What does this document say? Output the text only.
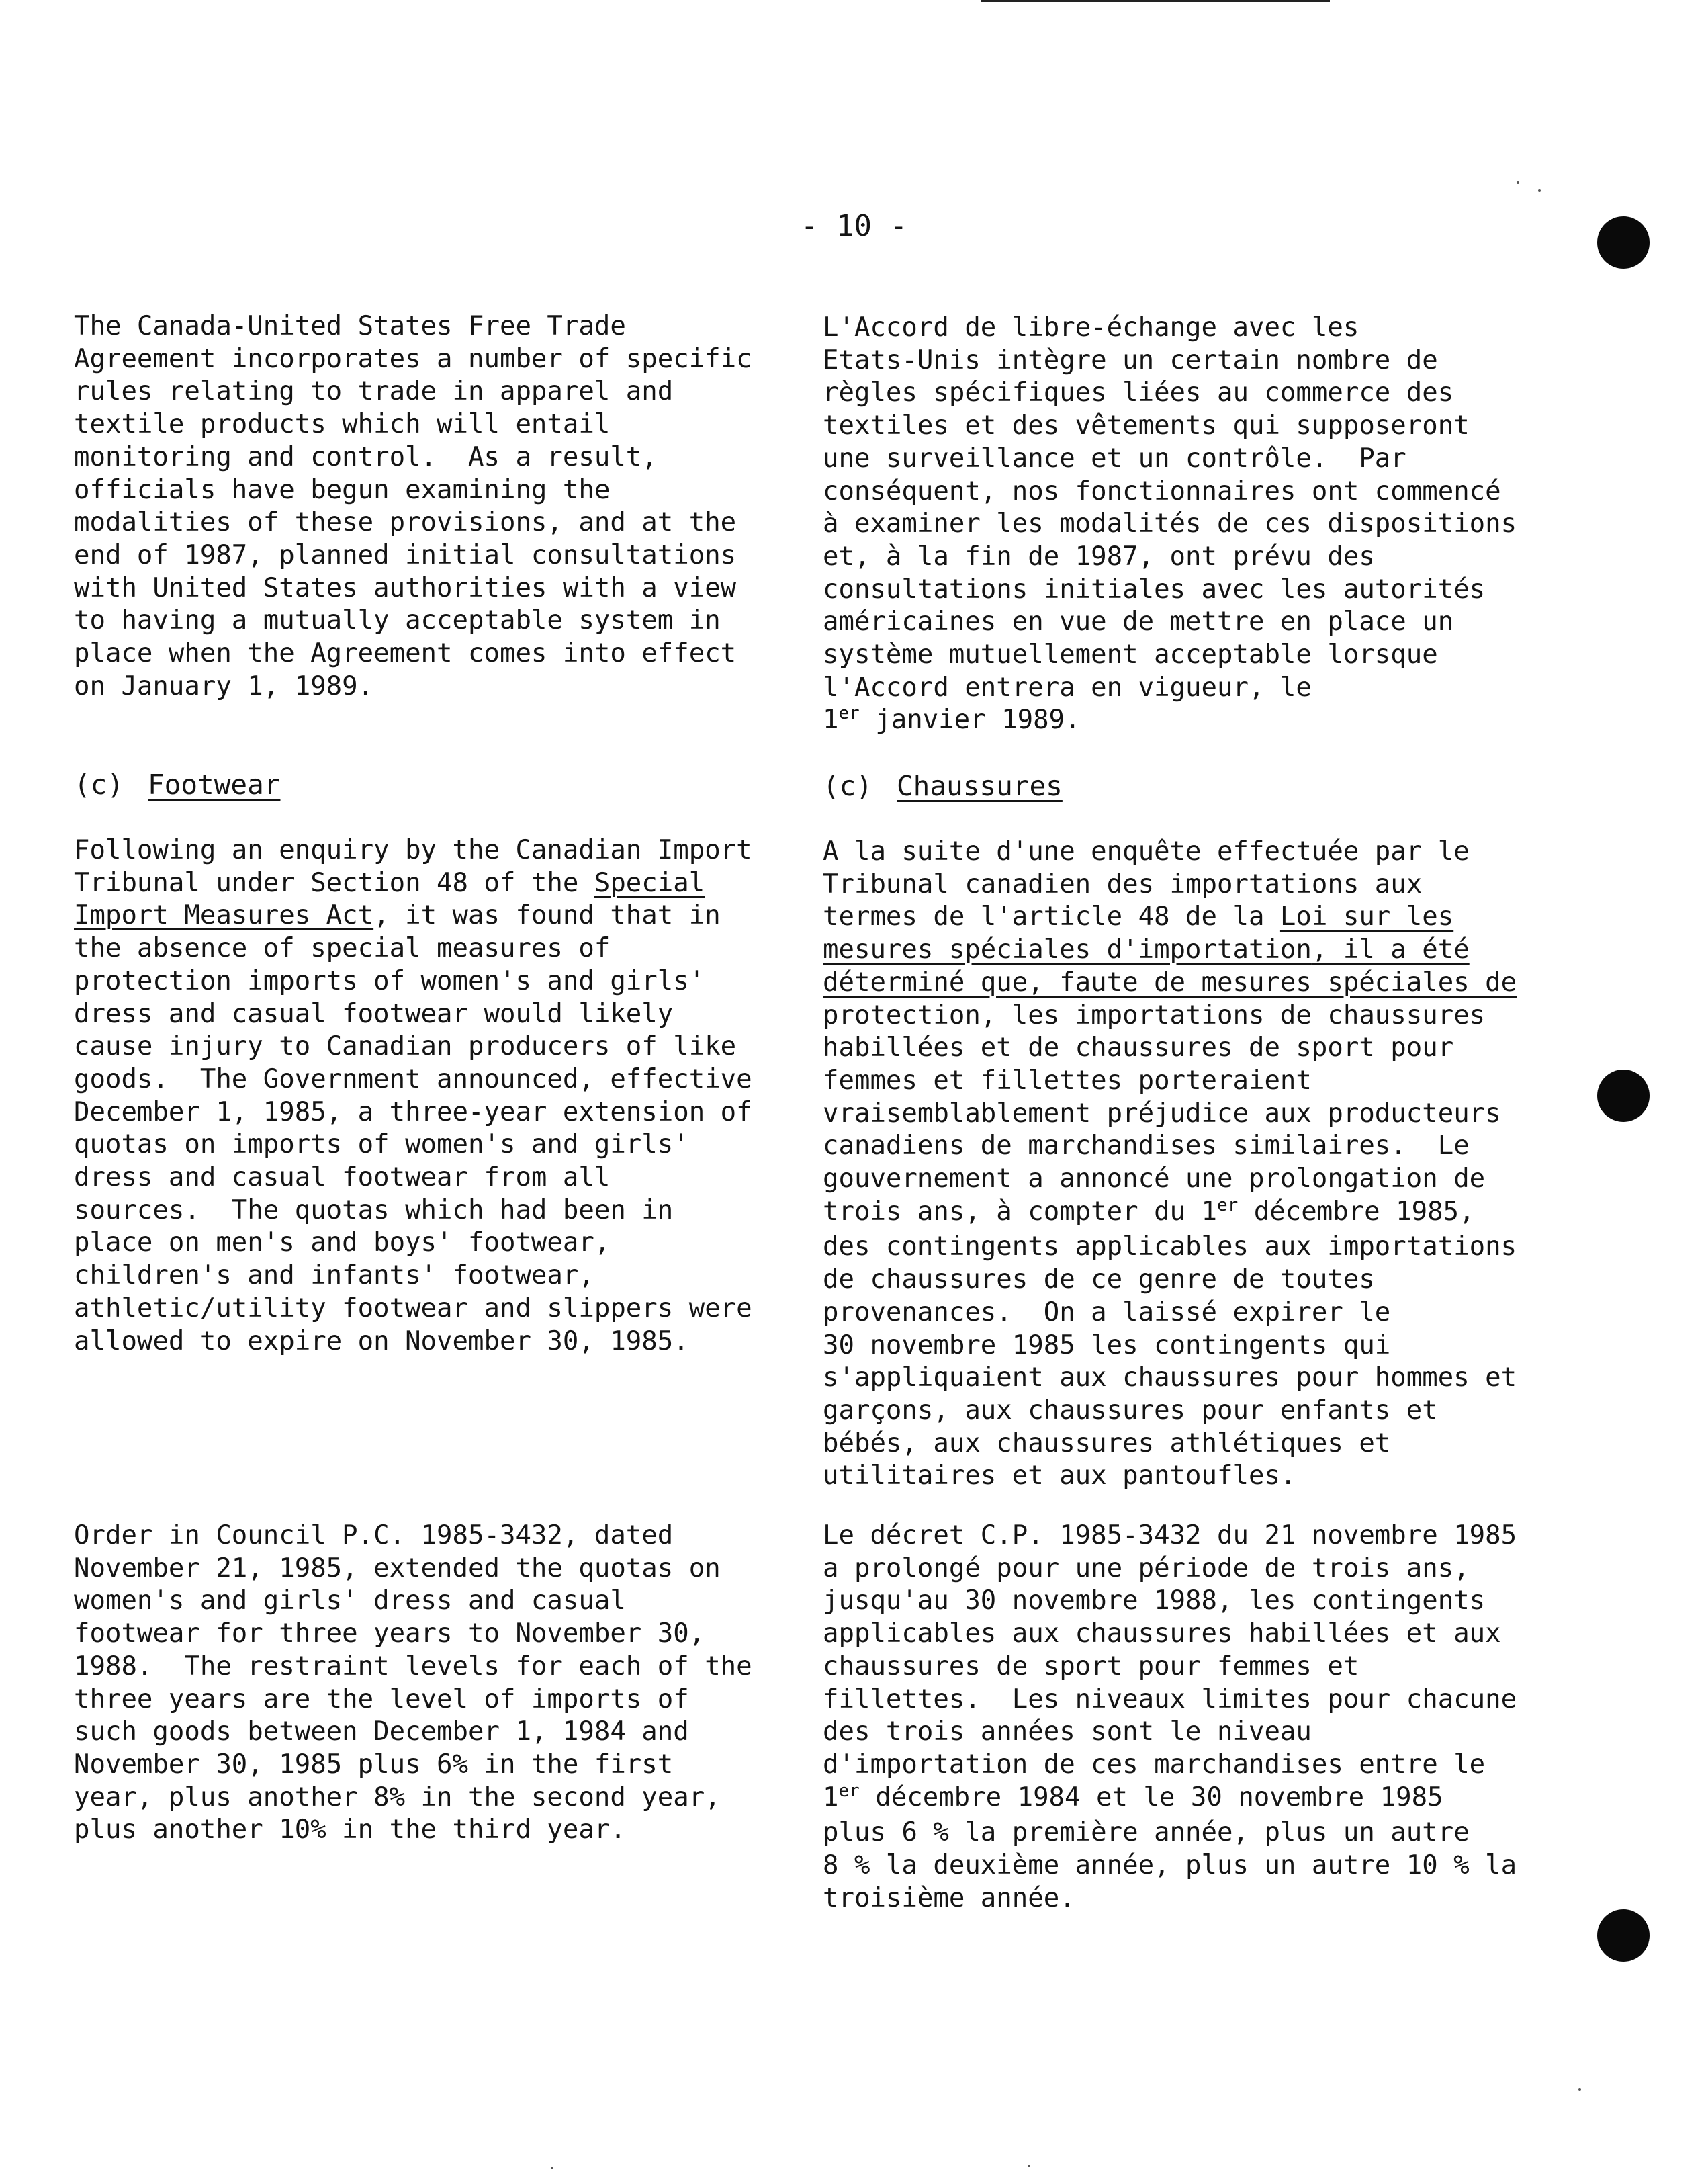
- 10 -
The Canada-United States Free Trade
Agreement incorporates a number of specific
rules relating to trade in apparel and
textile products which will entail
monitoring and control.  As a result,
officials have begun examining the
modalities of these provisions, and at the
end of 1987, planned initial consultations
with United States authorities with a view
to having a mutually acceptable system in
place when the Agreement comes into effect
on January 1, 1989.
(c) Footwear
Following an enquiry by the Canadian Import
Tribunal under Section 48 of the Special
Import Measures Act, it was found that in
the absence of special measures of
protection imports of women's and girls'
dress and casual footwear would likely
cause injury to Canadian producers of like
goods.  The Government announced, effective
December 1, 1985, a three-year extension of
quotas on imports of women's and girls'
dress and casual footwear from all
sources.  The quotas which had been in
place on men's and boys' footwear,
children's and infants' footwear,
athletic/utility footwear and slippers were
allowed to expire on November 30, 1985.
Order in Council P.C. 1985-3432, dated
November 21, 1985, extended the quotas on
women's and girls' dress and casual
footwear for three years to November 30,
1988.  The restraint levels for each of the
three years are the level of imports of
such goods between December 1, 1984 and
November 30, 1985 plus 6% in the first
year, plus another 8% in the second year,
plus another 10% in the third year.
L'Accord de libre-échange avec les
Etats-Unis intègre un certain nombre de
règles spécifiques liées au commerce des
textiles et des vêtements qui supposeront
une surveillance et un contrôle.  Par
conséquent, nos fonctionnaires ont commencé
à examiner les modalités de ces dispositions
et, à la fin de 1987, ont prévu des
consultations initiales avec les autorités
américaines en vue de mettre en place un
système mutuellement acceptable lorsque
l'Accord entrera en vigueur, le
1er janvier 1989.
(c) Chaussures
A la suite d'une enquête effectuée par le
Tribunal canadien des importations aux
termes de l'article 48 de la Loi sur les
mesures spéciales d'importation, il a été
déterminé que, faute de mesures spéciales de
protection, les importations de chaussures
habillées et de chaussures de sport pour
femmes et fillettes porteraient
vraisemblablement préjudice aux producteurs
canadiens de marchandises similaires.  Le
gouvernement a annoncé une prolongation de
trois ans, à compter du 1er décembre 1985,
des contingents applicables aux importations
de chaussures de ce genre de toutes
provenances.  On a laissé expirer le
30 novembre 1985 les contingents qui
s'appliquaient aux chaussures pour hommes et
garçons, aux chaussures pour enfants et
bébés, aux chaussures athlétiques et
utilitaires et aux pantoufles.
Le décret C.P. 1985-3432 du 21 novembre 1985
a prolongé pour une période de trois ans,
jusqu'au 30 novembre 1988, les contingents
applicables aux chaussures habillées et aux
chaussures de sport pour femmes et
fillettes.  Les niveaux limites pour chacune
des trois années sont le niveau
d'importation de ces marchandises entre le
1er décembre 1984 et le 30 novembre 1985
plus 6 % la première année, plus un autre
8 % la deuxième année, plus un autre 10 % la
troisième année.
